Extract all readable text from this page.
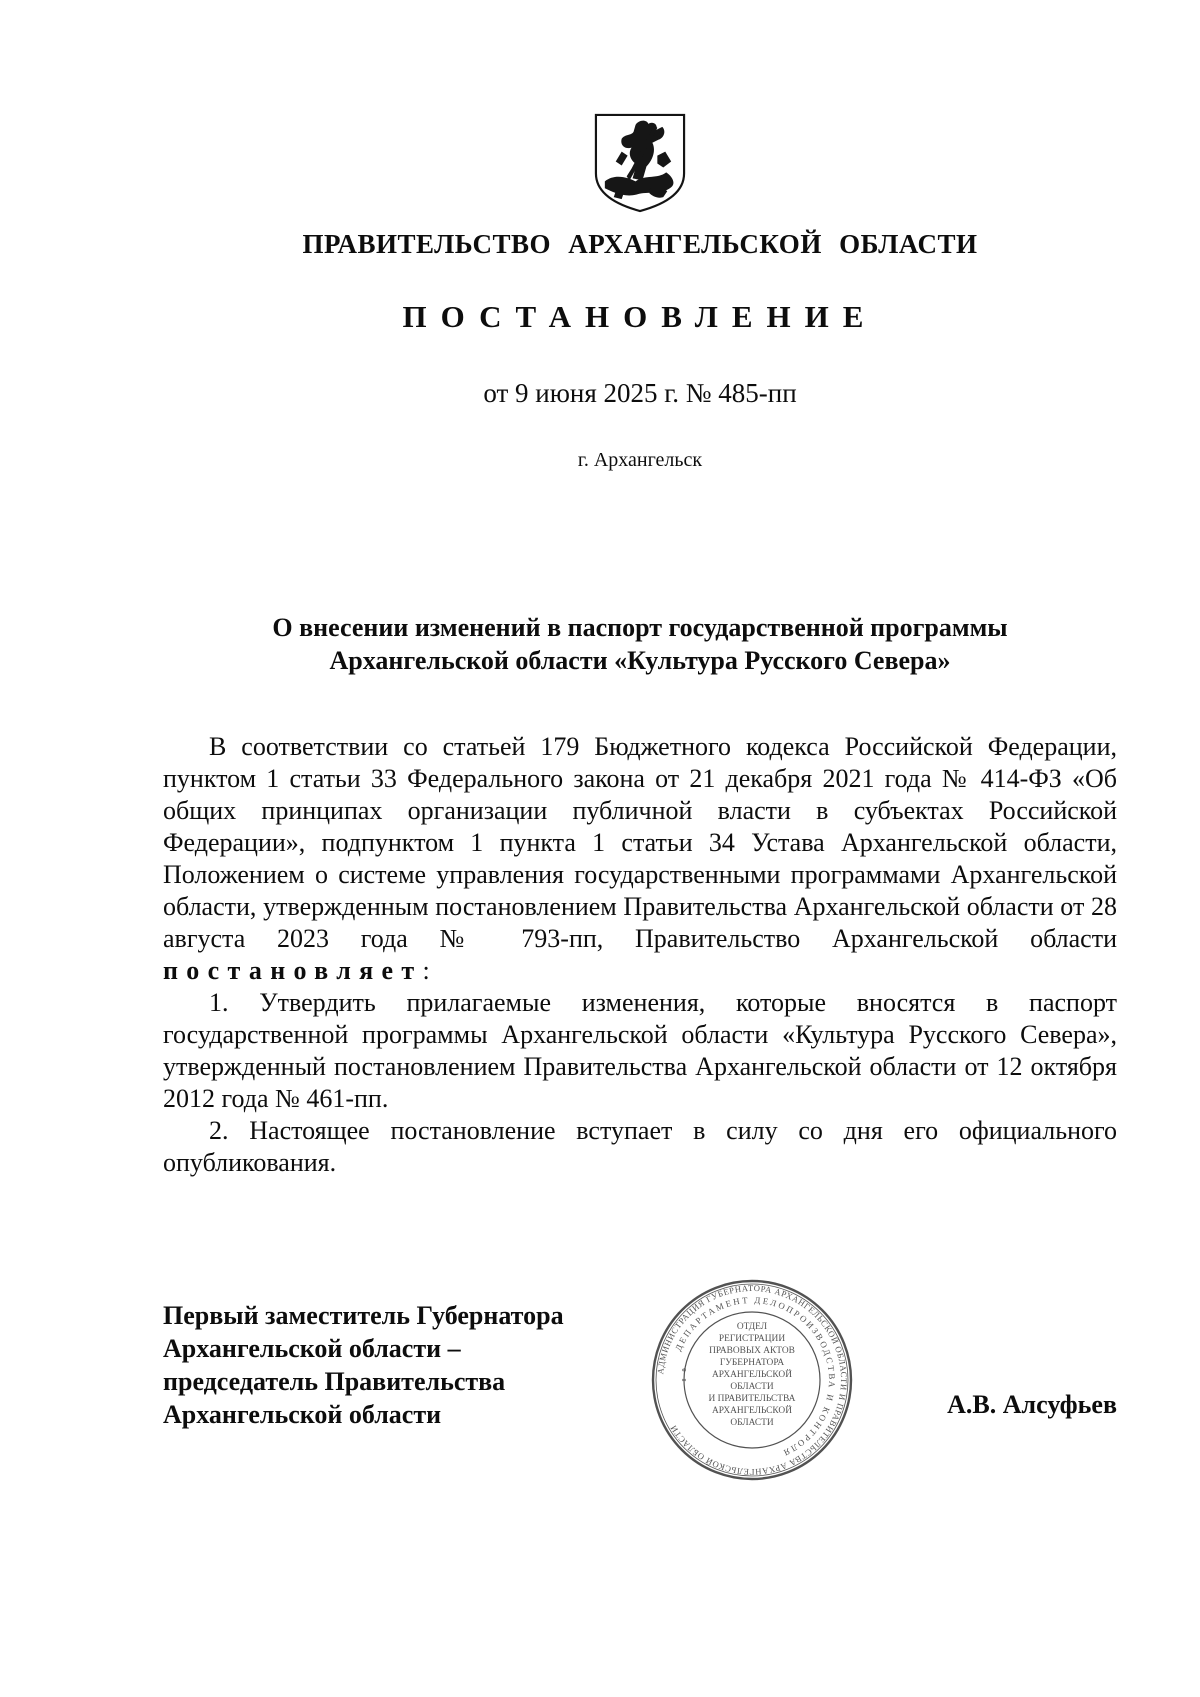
ПРАВИТЕЛЬСТВО АРХАНГЕЛЬСКОЙ ОБЛАСТИ
ПОСТАНОВЛЕНИЕ
от 9 июня 2025 г. № 485-пп
г. Архангельск
О внесении изменений в паспорт государственной программы
Архангельской области «Культура Русского Севера»

В соответствии со статьей 179 Бюджетного кодекса Российской Федерации, пунктом 1 статьи 33 Федерального закона от 21 декабря 2021 года № 414-ФЗ «Об общих принципах организации публичной власти в субъектах Российской Федерации», подпунктом 1 пункта 1 статьи 34 Устава Архангельской области, Положением о системе управления государственными программами Архангельской области, утвержденным постановлением Правительства Архангельской области от 28 августа 2023 года № 793-пп, Правительство Архангельской области постановляет:

1. Утвердить прилагаемые изменения, которые вносятся в паспорт государственной программы Архангельской области «Культура Русского Севера», утвержденный постановлением Правительства Архангельской области от 12 октября 2012 года № 461-пп.

2. Настоящее постановление вступает в силу со дня его официального опубликования.

Первый заместитель Губернатора
Архангельской области –
председатель Правительства
Архангельской области
АДМИНИСТРАЦИЯ ГУБЕРНАТОРА АРХАНГЕЛЬСКОЙ ОБЛАСТИ И ПРАВИТЕЛЬСТВА АРХАНГЕЛЬСКОЙ ОБЛАСТИ
ДЕПАРТАМЕНТ ДЕЛОПРОИЗВОДСТВА И КОНТРОЛЯ
ОТДЕЛ
РЕГИСТРАЦИИ
ПРАВОВЫХ АКТОВ
ГУБЕРНАТОРА
АРХАНГЕЛЬСКОЙ
ОБЛАСТИ
И ПРАВИТЕЛЬСТВА
АРХАНГЕЛЬСКОЙ
ОБЛАСТИ
*
*
А.В. Алсуфьев
